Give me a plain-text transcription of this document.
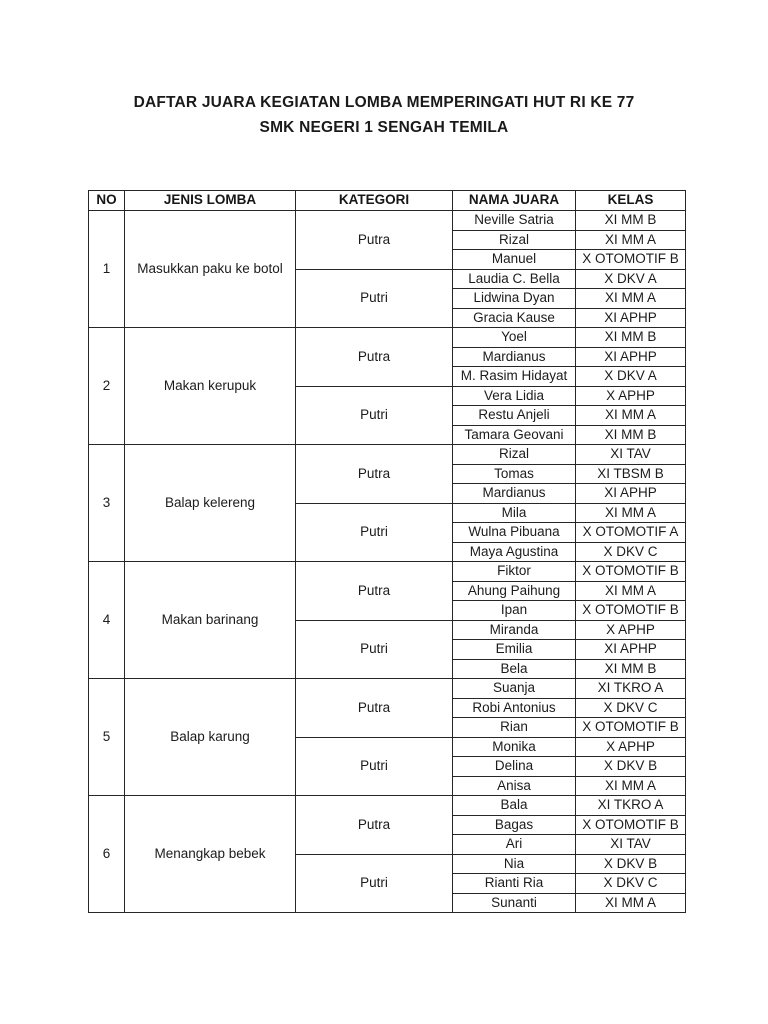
DAFTAR JUARA KEGIATAN LOMBA MEMPERINGATI HUT RI KE 77
SMK NEGERI 1 SENGAH TEMILA
NO	JENIS LOMBA	KATEGORI	NAMA JUARA	KELAS
1	Masukkan paku ke botol	Putra	Neville Satria	XI MM B
			Rizal	XI MM A
			Manuel	X OTOMOTIF B
		Putri	Laudia C. Bella	X DKV A
			Lidwina Dyan	XI MM A
			Gracia Kause	XI APHP
2	Makan kerupuk	Putra	Yoel	XI MM B
			Mardianus	XI APHP
			M. Rasim Hidayat	X DKV A
		Putri	Vera Lidia	X APHP
			Restu Anjeli	XI MM A
			Tamara Geovani	XI MM B
3	Balap kelereng	Putra	Rizal	XI TAV
			Tomas	XI TBSM B
			Mardianus	XI APHP
		Putri	Mila	XI MM A
			Wulna Pibuana	X OTOMOTIF A
			Maya Agustina	X DKV C
4	Makan barinang	Putra	Fiktor	X OTOMOTIF B
			Ahung Paihung	XI MM A
			Ipan	X OTOMOTIF B
		Putri	Miranda	X APHP
			Emilia	XI APHP
			Bela	XI MM B
5	Balap karung	Putra	Suanja	XI TKRO A
			Robi Antonius	X DKV C
			Rian	X OTOMOTIF B
		Putri	Monika	X APHP
			Delina	X DKV B
			Anisa	XI MM A
6	Menangkap bebek	Putra	Bala	XI TKRO A
			Bagas	X OTOMOTIF B
			Ari	XI TAV
		Putri	Nia	X DKV B
			Rianti Ria	X DKV C
			Sunanti	XI MM A
